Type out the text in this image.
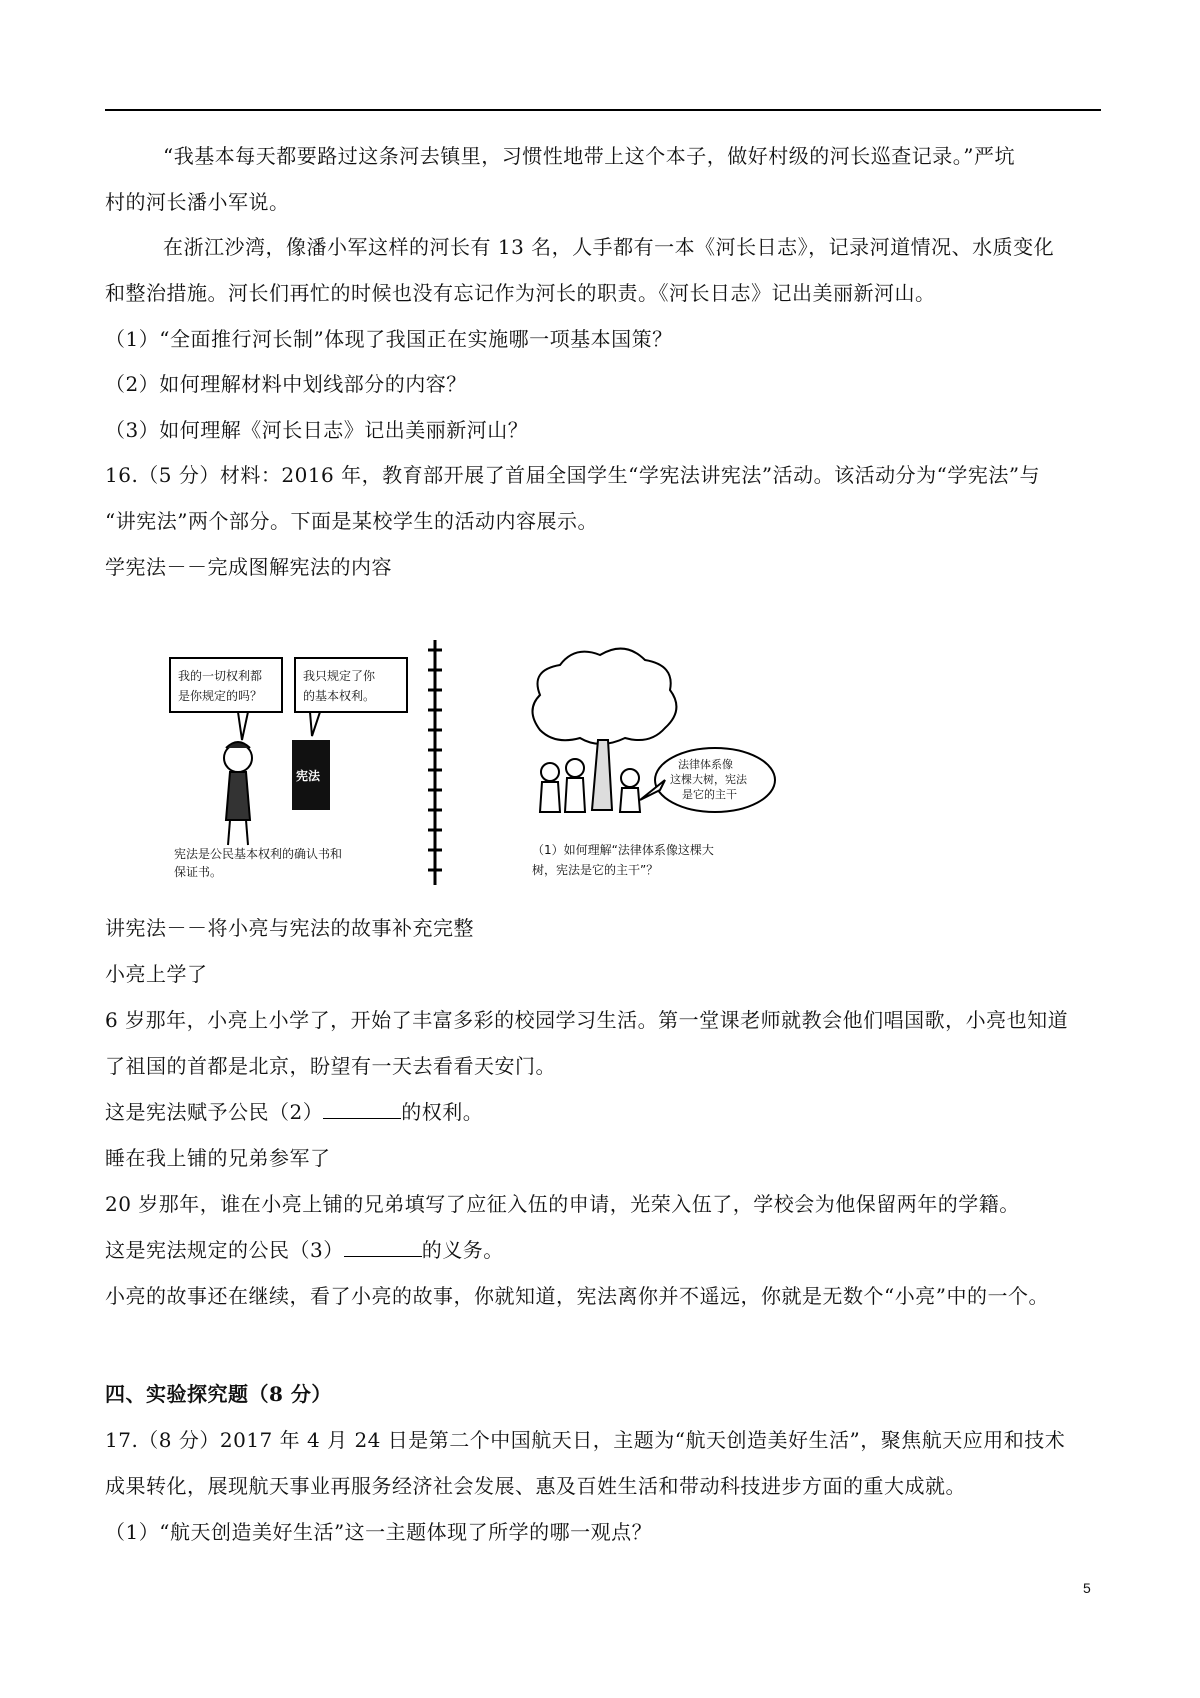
“我基本每天都要路过这条河去镇里，习惯性地带上这个本子，做好村级的河长巡查记录。”严坑
村的河长潘小军说。
在浙江沙湾，像潘小军这样的河长有 13 名，人手都有一本《河长日志》，记录河道情况、水质变化
和整治措施。河长们再忙的时候也没有忘记作为河长的职责。《河长日志》记出美丽新河山。
（1）“全面推行河长制”体现了我国正在实施哪一项基本国策？
（2）如何理解材料中划线部分的内容？
（3）如何理解《河长日志》记出美丽新河山？
16.（5 分）材料：2016 年，教育部开展了首届全国学生“学宪法讲宪法”活动。该活动分为“学宪法”与
“讲宪法”两个部分。下面是某校学生的活动内容展示。
学宪法－－完成图解宪法的内容
我的一切权利都
是你规定的吗？
我只规定了你
的基本权利。
宪法
宪法是公民基本权利的确认书和
保证书。
法律体系像
这棵大树，宪法
是它的主干
（1）如何理解“法律体系像这棵大
树，宪法是它的主干”？
讲宪法－－将小亮与宪法的故事补充完整
小亮上学了
6 岁那年，小亮上小学了，开始了丰富多彩的校园学习生活。第一堂课老师就教会他们唱国歌，小亮也知道
了祖国的首都是北京，盼望有一天去看看天安门。
这是宪法赋予公民（2）	的权利。
睡在我上铺的兄弟参军了
20 岁那年，谁在小亮上铺的兄弟填写了应征入伍的申请，光荣入伍了，学校会为他保留两年的学籍。
这是宪法规定的公民（3）	的义务。
小亮的故事还在继续，看了小亮的故事，你就知道，宪法离你并不遥远，你就是无数个“小亮”中的一个。
四、实验探究题（8 分）
17.（8 分）2017 年 4 月 24 日是第二个中国航天日，主题为“航天创造美好生活”，聚焦航天应用和技术
成果转化，展现航天事业再服务经济社会发展、惠及百姓生活和带动科技进步方面的重大成就。
（1）“航天创造美好生活”这一主题体现了所学的哪一观点？
5
